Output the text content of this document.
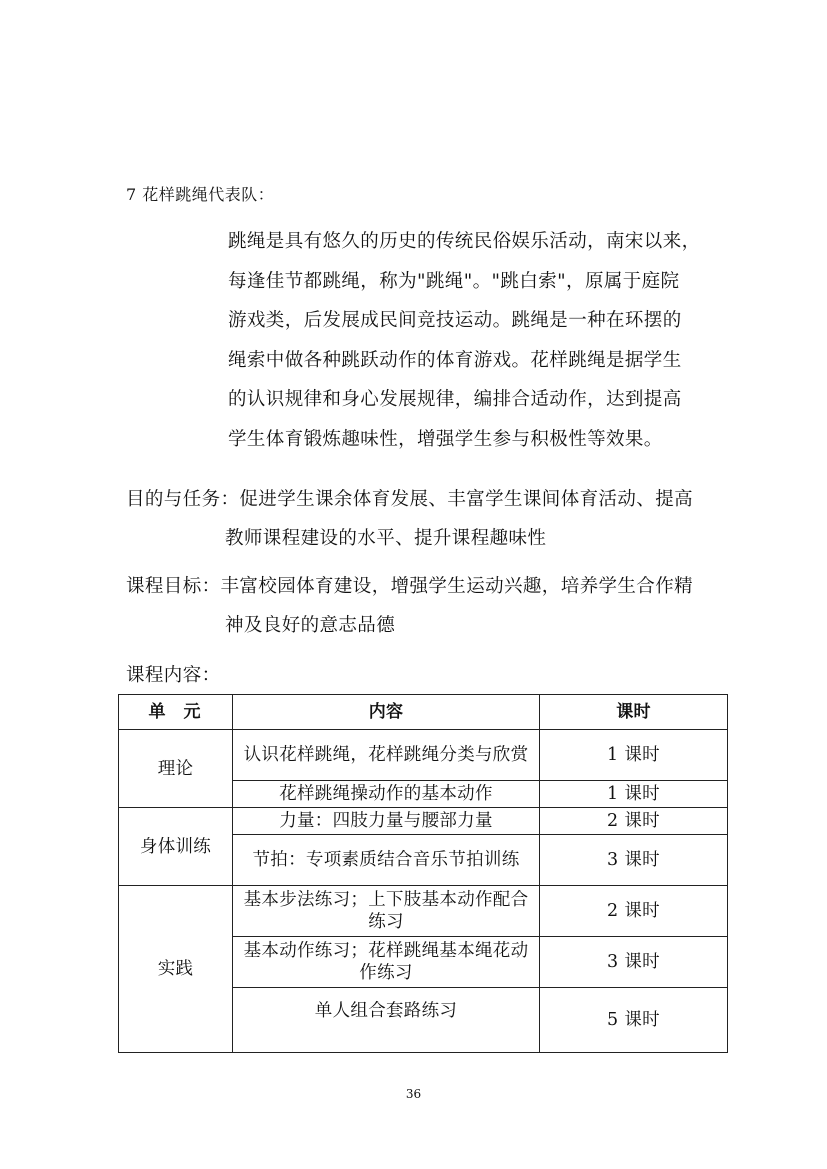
7 花样跳绳代表队：
跳绳是具有悠久的历史的传统民俗娱乐活动，南宋以来，
每逢佳节都跳绳，称为"跳绳"。"跳白索"，原属于庭院
游戏类，后发展成民间竞技运动。跳绳是一种在环摆的
绳索中做各种跳跃动作的体育游戏。花样跳绳是据学生
的认识规律和身心发展规律，编排合适动作，达到提高
学生体育锻炼趣味性，增强学生参与积极性等效果。
目的与任务：促进学生课余体育发展、丰富学生课间体育活动、提高
教师课程建设的水平、提升课程趣味性
课程目标：丰富校园体育建设，增强学生运动兴趣，培养学生合作精
神及良好的意志品德
课程内容：
单元	内容	课时
理论	认识花样跳绳，花样跳绳分类与欣赏	1 课时
	花样跳绳操动作的基本动作	1 课时
身体训练	力量：四肢力量与腰部力量	2 课时
	节拍：专项素质结合音乐节拍训练	3 课时
实践	基本步法练习；上下肢基本动作配合练习	2 课时
	基本动作练习；花样跳绳基本绳花动作练习	3 课时
	单人组合套路练习	5 课时
36
